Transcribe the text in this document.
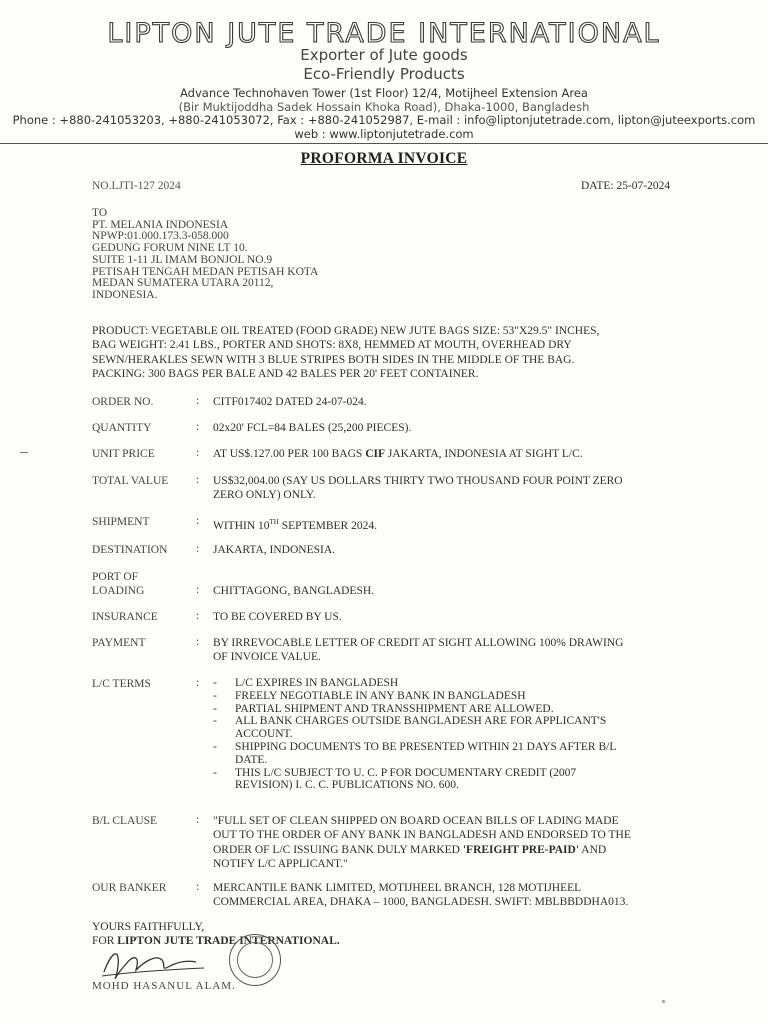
LIPTON JUTE TRADE INTERNATIONAL
Exporter of Jute goods
Eco-Friendly Products
Advance Technohaven Tower (1st Floor) 12/4, Motijheel Extension Area
(Bir Muktijoddha Sadek Hossain Khoka Road), Dhaka-1000, Bangladesh
Phone : +880-241053203, +880-241053072, Fax : +880-241052987, E-mail : info@liptonjutetrade.com, lipton@juteexports.com
web : www.liptonjutetrade.com
PROFORMA INVOICE
NO.LJTI-127 2024	DATE: 25-07-2024
TO
PT. MELANIA INDONESIA
NPWP:01.000.173.3-058.000
GEDUNG FORUM NINE LT 10.
SUITE 1-11 JL IMAM BONJOL NO.9
PETISAH TENGAH MEDAN PETISAH KOTA
MEDAN SUMATERA UTARA 20112,
INDONESIA.
PRODUCT: VEGETABLE OIL TREATED (FOOD GRADE) NEW JUTE BAGS SIZE: 53"X29.5" INCHES,
BAG WEIGHT: 2.41 LBS., PORTER AND SHOTS: 8X8, HEMMED AT MOUTH, OVERHEAD DRY
SEWN/HERAKLES SEWN WITH 3 BLUE STRIPES BOTH SIDES IN THE MIDDLE OF THE BAG.
PACKING: 300 BAGS PER BALE AND 42 BALES PER 20' FEET CONTAINER.
ORDER NO.	: CITF017402 DATED 24-07-024.
QUANTITY	: 02x20' FCL=84 BALES (25,200 PIECES).
UNIT PRICE	: AT US$.127.00 PER 100 BAGS CIF JAKARTA, INDONESIA AT SIGHT L/C.
TOTAL VALUE	: US$32,004.00 (SAY US DOLLARS THIRTY TWO THOUSAND FOUR POINT ZERO
ZERO ONLY) ONLY.
SHIPMENT	: WITHIN 10TH SEPTEMBER 2024.
DESTINATION	: JAKARTA, INDONESIA.
PORT OF
LOADING	: CHITTAGONG, BANGLADESH.
INSURANCE	: TO BE COVERED BY US.
PAYMENT	: BY IRREVOCABLE LETTER OF CREDIT AT SIGHT ALLOWING 100% DRAWING
OF INVOICE VALUE.
L/C TERMS	: - L/C EXPIRES IN BANGLADESH
- FREELY NEGOTIABLE IN ANY BANK IN BANGLADESH
- PARTIAL SHIPMENT AND TRANSSHIPMENT ARE ALLOWED.
- ALL BANK CHARGES OUTSIDE BANGLADESH ARE FOR APPLICANT'S
ACCOUNT.
- SHIPPING DOCUMENTS TO BE PRESENTED WITHIN 21 DAYS AFTER B/L
DATE.
- THIS L/C SUBJECT TO U. C. P FOR DOCUMENTARY CREDIT (2007
REVISION) I. C. C. PUBLICATIONS NO. 600.
B/L CLAUSE	: "FULL SET OF CLEAN SHIPPED ON BOARD OCEAN BILLS OF LADING MADE
OUT TO THE ORDER OF ANY BANK IN BANGLADESH AND ENDORSED TO THE
ORDER OF L/C ISSUING BANK DULY MARKED 'FREIGHT PRE-PAID' AND
NOTIFY L/C APPLICANT."
OUR BANKER	: MERCANTILE BANK LIMITED, MOTIJHEEL BRANCH, 128 MOTIJHEEL
COMMERCIAL AREA, DHAKA – 1000, BANGLADESH. SWIFT: MBLBBDDHA013.
YOURS FAITHFULLY,
FOR LIPTON JUTE TRADE INTERNATIONAL.
MOHD HASANUL ALAM.
